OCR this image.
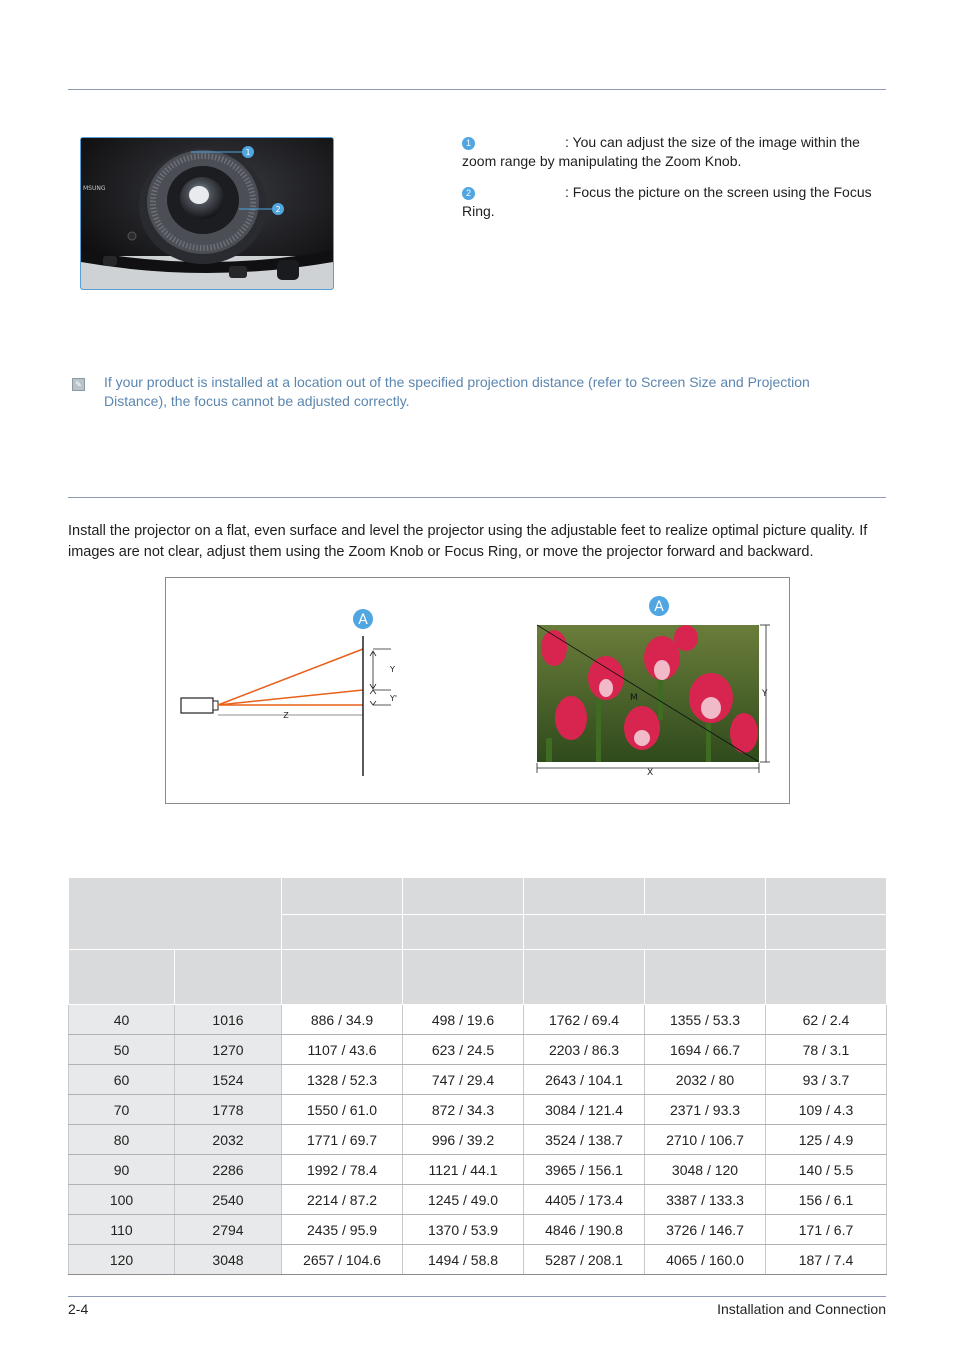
MSUNG
1
2
1	: You can adjust the size of the image within the zoom range by manipulating the Zoom Knob.
2	: Focus the picture on the screen using the Focus Ring.
✎ If your product is installed at a location out of the specified projection distance (refer to Screen Size and Projection Distance), the focus cannot be adjusted correctly.
Install the projector on a flat, even surface and level the projector using the adjustable feet to realize optimal picture quality. If images are not clear, adjust them using the Zoom Knob or Focus Ring, or move the projector forward and backward.
A
Y
Y'
Z
A
M	Y
X

40	1016	886 / 34.9	498 / 19.6	1762 / 69.4	1355 / 53.3	62 / 2.4
50	1270	1107 / 43.6	623 / 24.5	2203 / 86.3	1694 / 66.7	78 / 3.1
60	1524	1328 / 52.3	747 / 29.4	2643 / 104.1	2032 / 80	93 / 3.7
70	1778	1550 / 61.0	872 / 34.3	3084 / 121.4	2371 / 93.3	109 / 4.3
80	2032	1771 / 69.7	996 / 39.2	3524 / 138.7	2710 / 106.7	125 / 4.9
90	2286	1992 / 78.4	1121 / 44.1	3965 / 156.1	3048 / 120	140 / 5.5
100	2540	2214 / 87.2	1245 / 49.0	4405 / 173.4	3387 / 133.3	156 / 6.1
110	2794	2435 / 95.9	1370 / 53.9	4846 / 190.8	3726 / 146.7	171 / 6.7
120	3048	2657 / 104.6	1494 / 58.8	5287 / 208.1	4065 / 160.0	187 / 7.4
2-4	Installation and Connection
